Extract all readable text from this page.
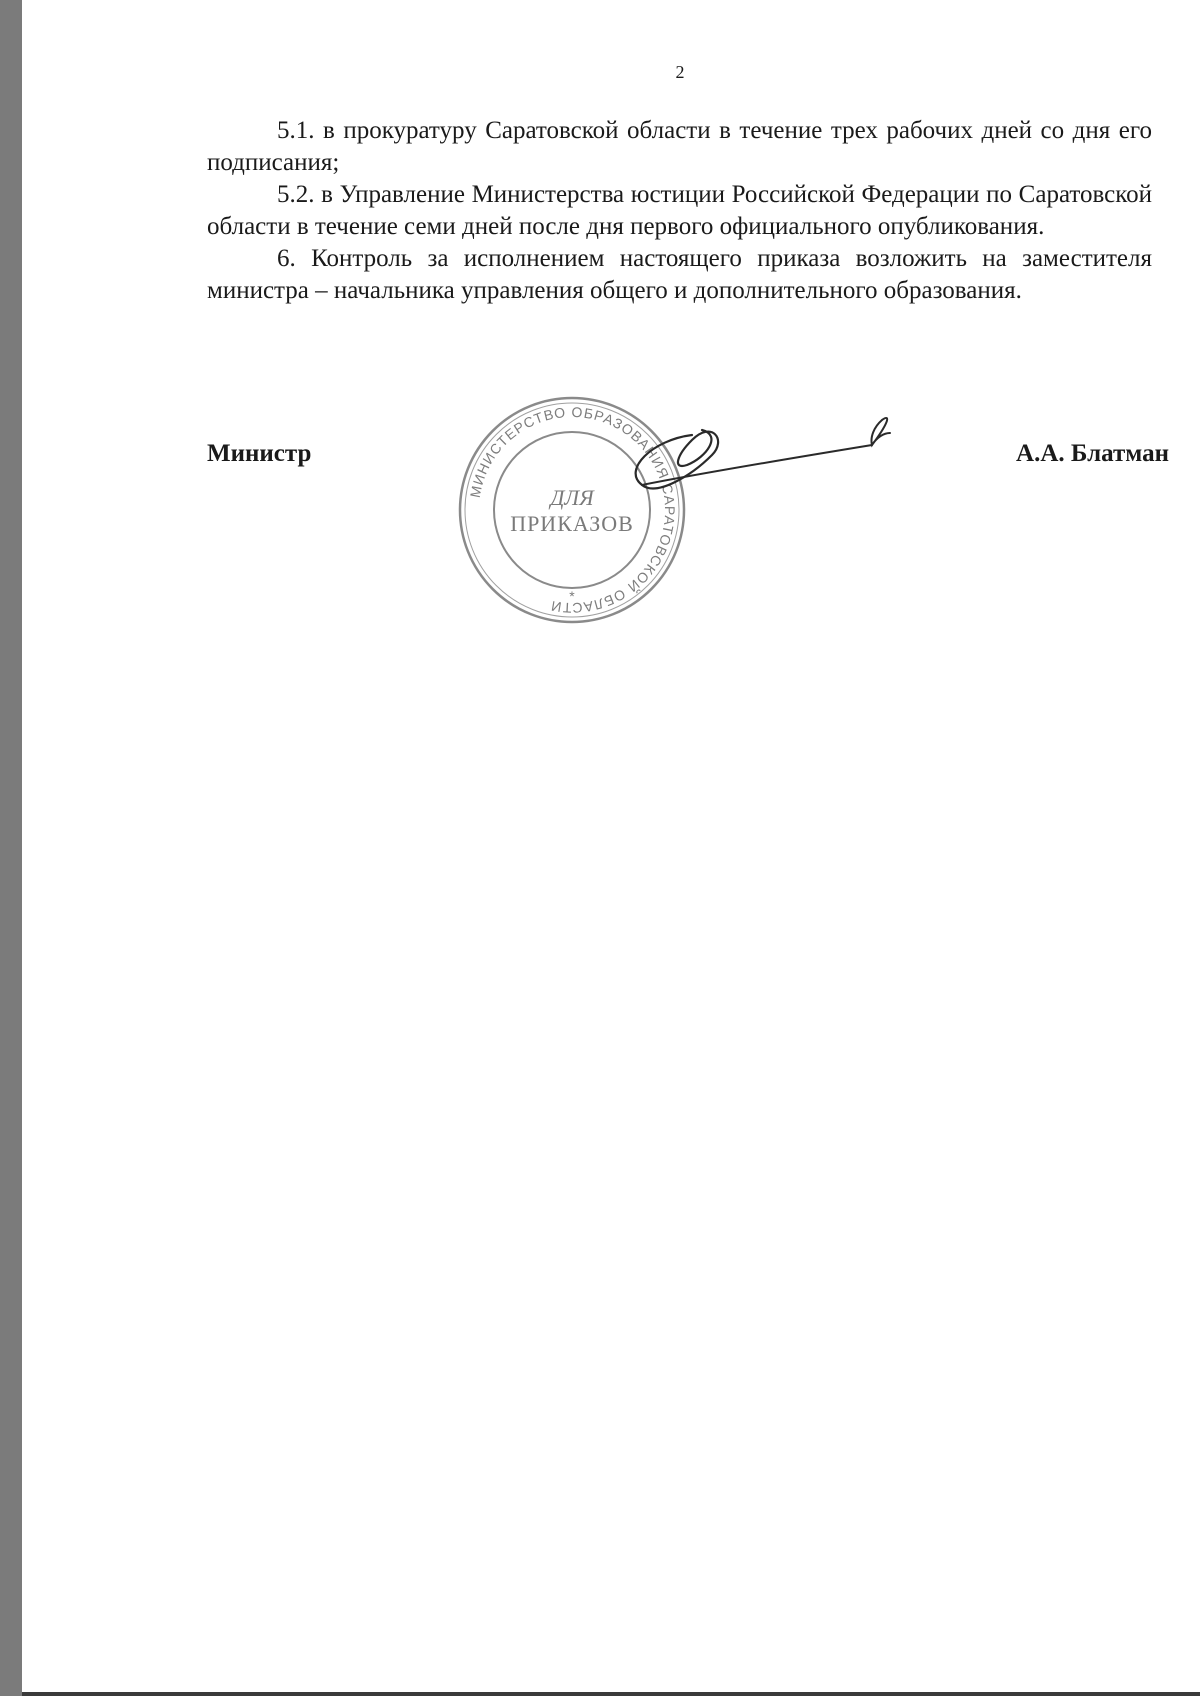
2

5.1. в прокуратуру Саратовской области в течение трех рабочих дней со дня его подписания;

5.2. в Управление Министерства юстиции Российской Федерации по Саратовской области в течение семи дней после дня первого официального опубликования.

6. Контроль за исполнением настоящего приказа возложить на заместителя министра – начальника управления общего и дополнительного образования.

Министр	А.А. Блатман
МИНИСТЕРСТВО ОБРАЗОВАНИЯ САРАТОВСКОЙ ОБЛАСТИ
ДЛЯ
ПРИКАЗОВ
*
